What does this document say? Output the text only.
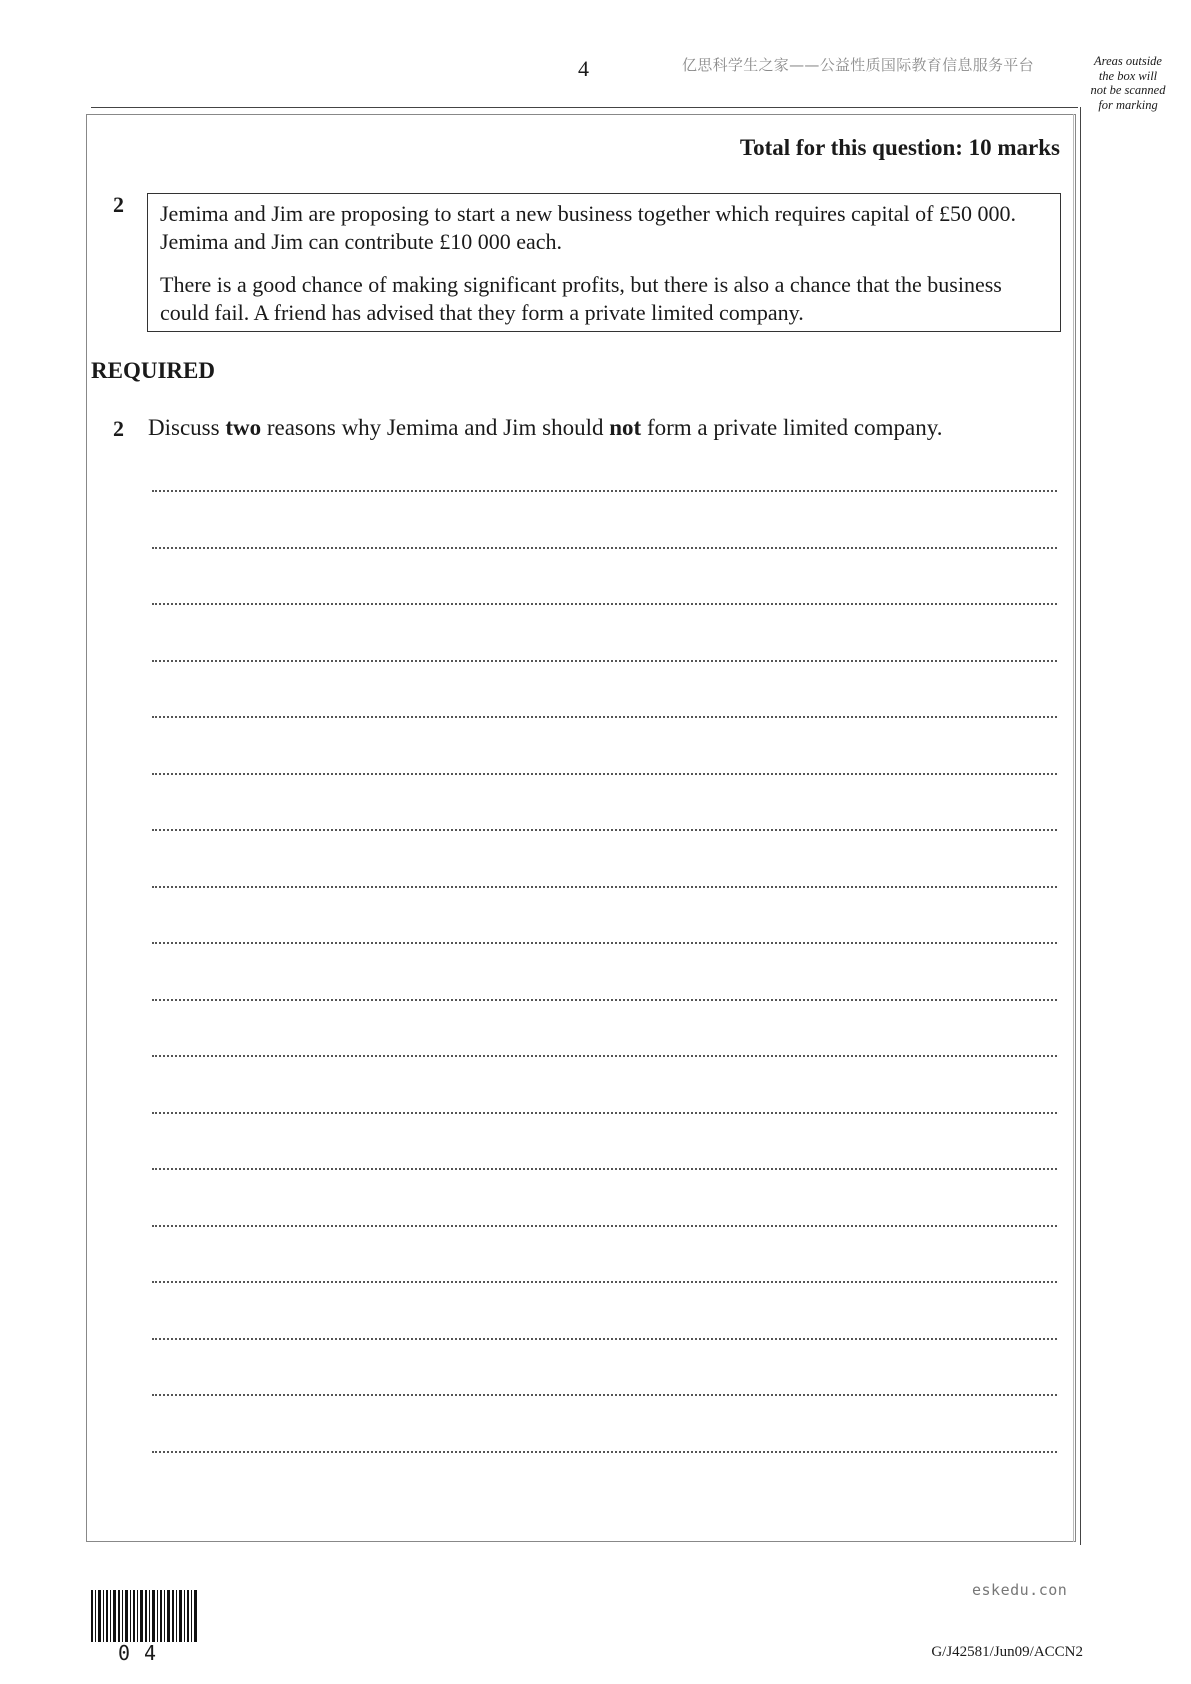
4	亿思科学生之家——公益性质国际教育信息服务平台	Areas outside
the box will
not be scanned
for marking
Total for this question: 10 marks
2 Jemima and Jim are proposing to start a new business together which requires capital of £50 000. Jemima and Jim can contribute £10 000 each.

There is a good chance of making significant profits, but there is also a chance that the business could fail. A friend has advised that they form a private limited company.

REQUIRED
2 Discuss two reasons why Jemima and Jim should not form a private limited company.
eskedu.con
04	G/J42581/Jun09/ACCN2
